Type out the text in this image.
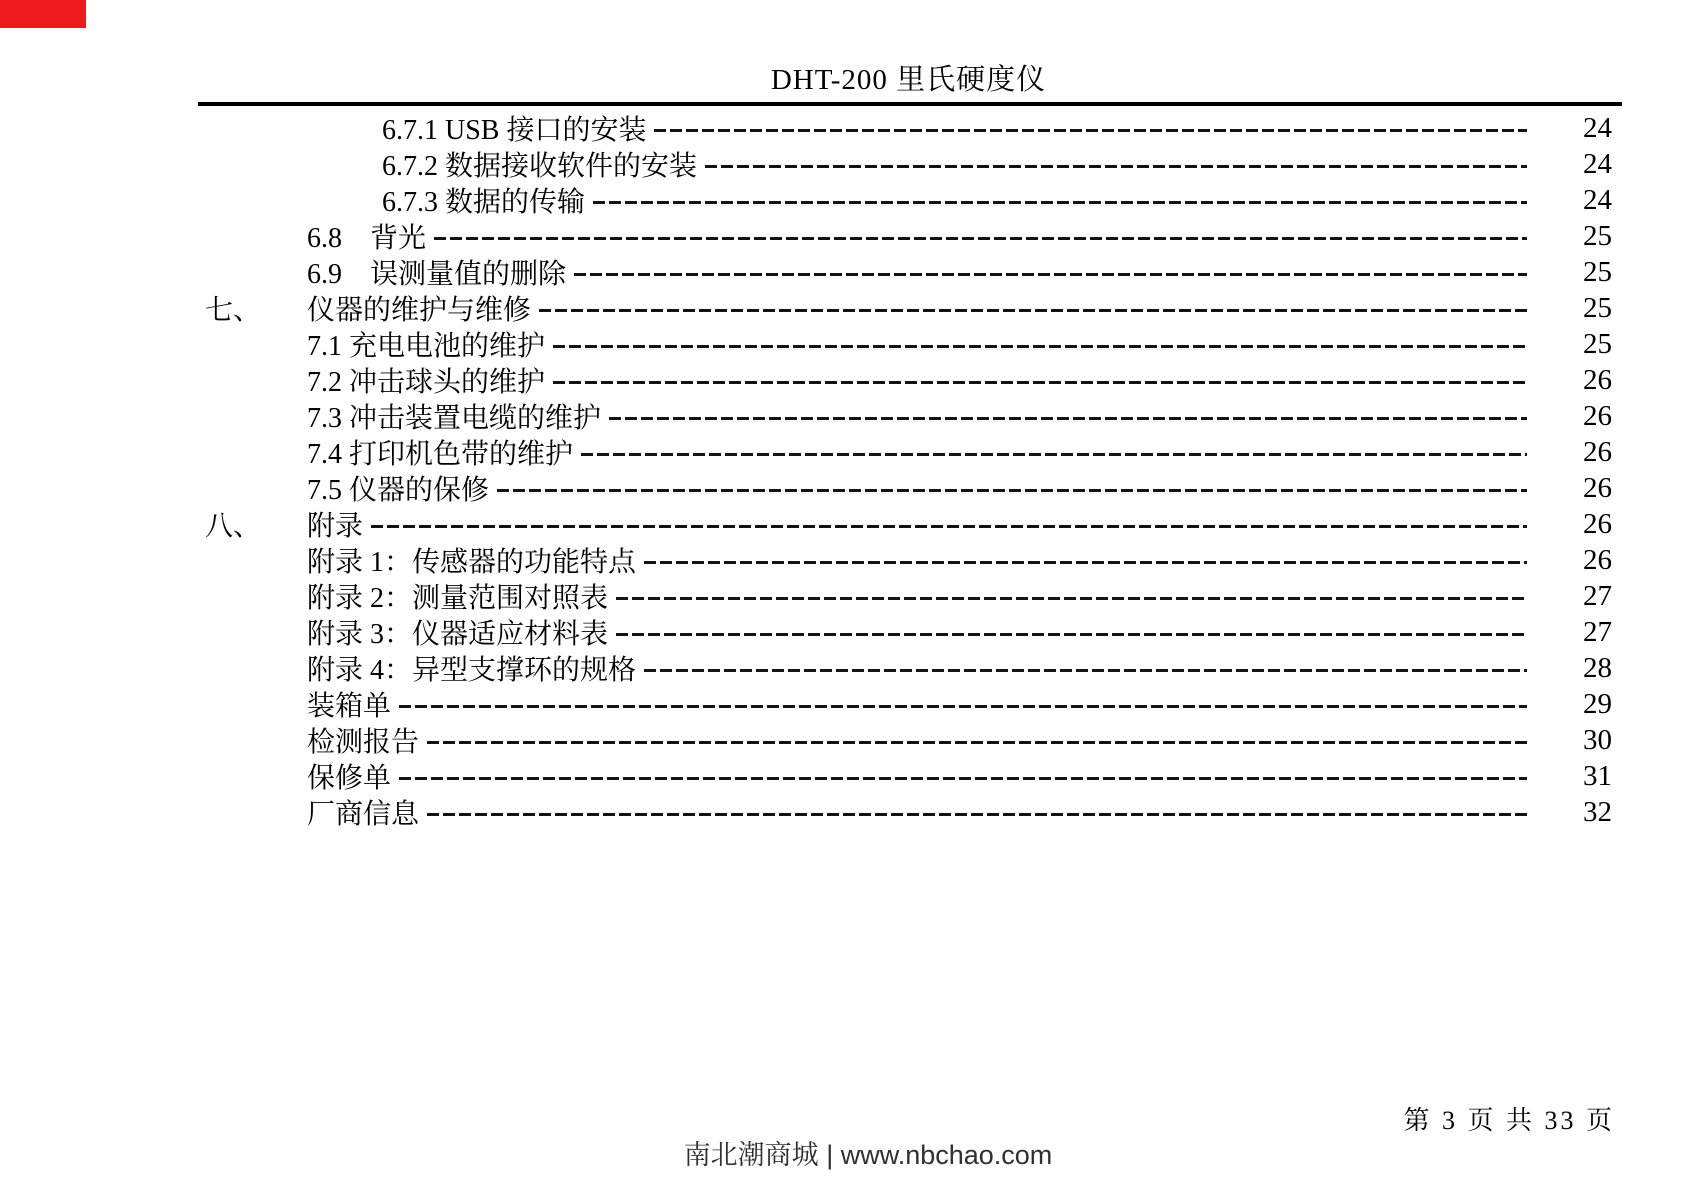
DHT-200 里氏硬度仪
6.7.1 USB 接口的安装	24
6.7.2 数据接收软件的安装	24
6.7.3 数据的传输	24
6.8　背光	25
6.9　误测量值的删除	25
七、	仪器的维护与维修	25
7.1 充电电池的维护	25
7.2 冲击球头的维护	26
7.3 冲击装置电缆的维护	26
7.4 打印机色带的维护	26
7.5 仪器的保修	26
八、	附录	26
附录 1：传感器的功能特点	26
附录 2：测量范围对照表	27
附录 3：仪器适应材料表	27
附录 4：异型支撑环的规格	28
装箱单	29
检测报告	30
保修单	31
厂商信息	32
第 3 页 共 33 页
南北潮商城 | www.nbchao.com
